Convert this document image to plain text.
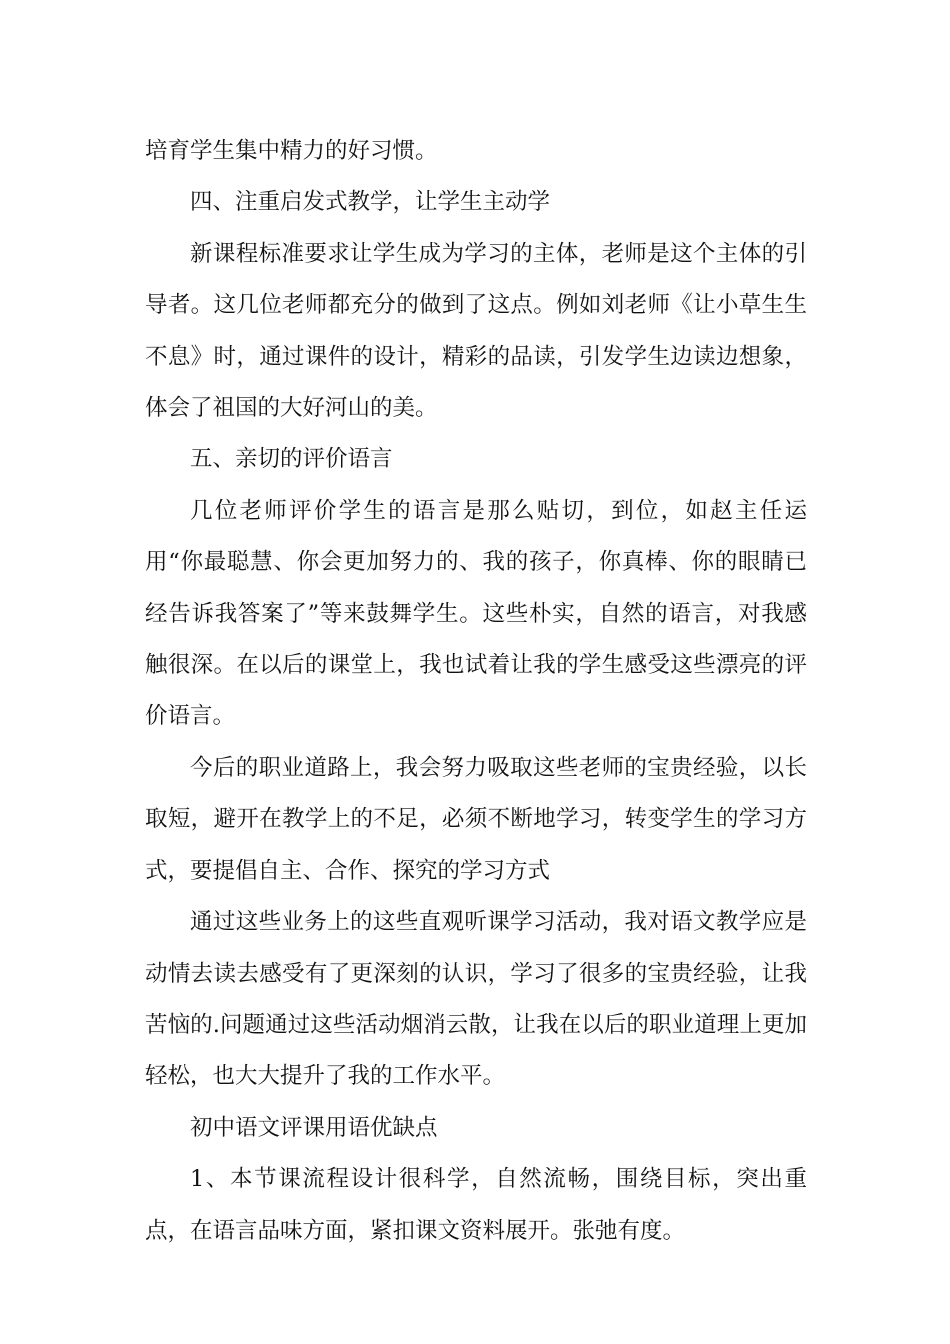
培育学生集中精力的好习惯。

四、注重启发式教学，让学生主动学

新课程标准要求让学生成为学习的主体，老师是这个主体的引导者。这几位老师都充分的做到了这点。例如刘老师《让小草生生不息》时，通过课件的设计，精彩的品读，引发学生边读边想象，体会了祖国的大好河山的美。

五、亲切的评价语言

几位老师评价学生的语言是那么贴切，到位，如赵主任运用“你最聪慧、你会更加努力的、我的孩子，你真棒、你的眼睛已经告诉我答案了”等来鼓舞学生。这些朴实，自然的语言，对我感触很深。在以后的课堂上，我也试着让我的学生感受这些漂亮的评价语言。

今后的职业道路上，我会努力吸取这些老师的宝贵经验，以长取短，避开在教学上的不足，必须不断地学习，转变学生的学习方式，要提倡自主、合作、探究的学习方式

通过这些业务上的这些直观听课学习活动，我对语文教学应是动情去读去感受有了更深刻的认识，学习了很多的宝贵经验，让我苦恼的.问题通过这些活动烟消云散，让我在以后的职业道理上更加轻松，也大大提升了我的工作水平。

初中语文评课用语优缺点

1、本节课流程设计很科学，自然流畅，围绕目标，突出重点，在语言品味方面，紧扣课文资料展开。张弛有度。
